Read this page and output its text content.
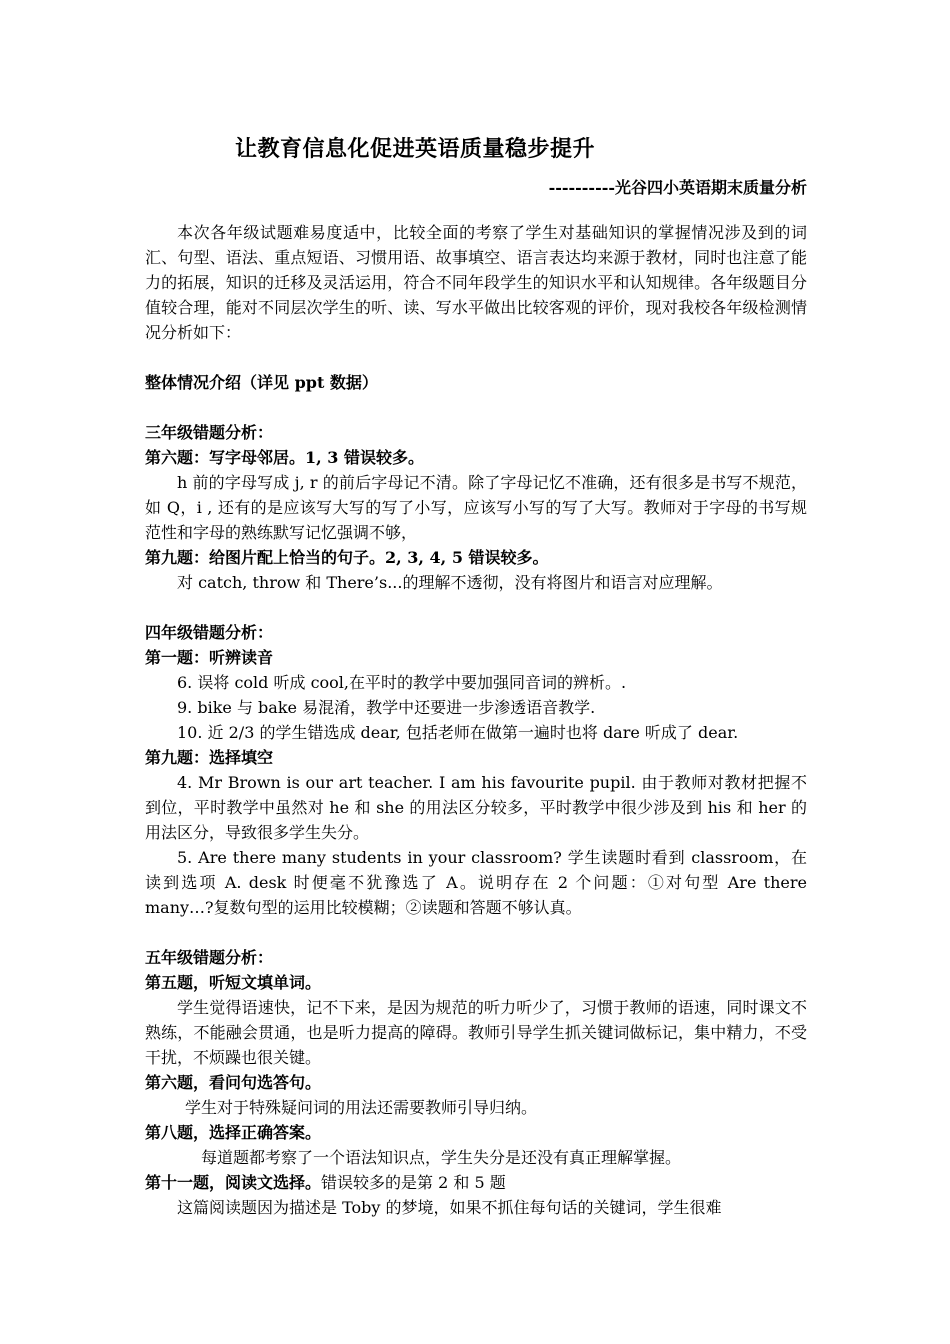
让教育信息化促进英语质量稳步提升
----------光谷四小英语期末质量分析

本次各年级试题难易度适中，比较全面的考察了学生对基础知识的掌握情况涉及到的词汇、句型、语法、重点短语、习惯用语、故事填空、语言表达均来源于教材，同时也注意了能力的拓展，知识的迁移及灵活运用，符合不同年段学生的知识水平和认知规律。各年级题目分值较合理，能对不同层次学生的听、读、写水平做出比较客观的评价，现对我校各年级检测情况分析如下：

整体情况介绍（详见 ppt 数据）

三年级错题分析：

第六题：写字母邻居。1, 3 错误较多。

h 前的字母写成 j, r 的前后字母记不清。除了字母记忆不准确，还有很多是书写不规范，如 Q，i , 还有的是应该写大写的写了小写，应该写小写的写了大写。教师对于字母的书写规范性和字母的熟练默写记忆强调不够，

第九题：给图片配上恰当的句子。2, 3, 4, 5 错误较多。

对 catch, throw 和 There’s...的理解不透彻，没有将图片和语言对应理解。

四年级错题分析：

第一题：听辨读音

6. 误将 cold 听成 cool,在平时的教学中要加强同音词的辨析。.

9. bike 与 bake 易混淆，教学中还要进一步渗透语音教学.

10. 近 2/3 的学生错选成 dear, 包括老师在做第一遍时也将 dare 听成了 dear.

第九题：选择填空

4. Mr Brown is our art teacher. I am his favourite pupil. 由于教师对教材把握不到位，平时教学中虽然对 he 和 she 的用法区分较多，平时教学中很少涉及到 his 和 her 的用法区分，导致很多学生失分。

5. Are there many students in your classroom? 学生读题时看到 classroom，在读到选项 A. desk 时便毫不犹豫选了 A。说明存在 2 个问题：①对句型 Are there many…?复数句型的运用比较模糊；②读题和答题不够认真。

五年级错题分析：

第五题，听短文填单词。

学生觉得语速快，记不下来，是因为规范的听力听少了，习惯于教师的语速，同时课文不熟练，不能融会贯通，也是听力提高的障碍。教师引导学生抓关键词做标记，集中精力，不受干扰，不烦躁也很关键。

第六题，看问句选答句。

学生对于特殊疑问词的用法还需要教师引导归纳。

第八题，选择正确答案。

每道题都考察了一个语法知识点，学生失分是还没有真正理解掌握。

第十一题，阅读文选择。错误较多的是第 2 和 5 题

这篇阅读题因为描述是 Toby 的梦境，如果不抓住每句话的关键词，学生很难
